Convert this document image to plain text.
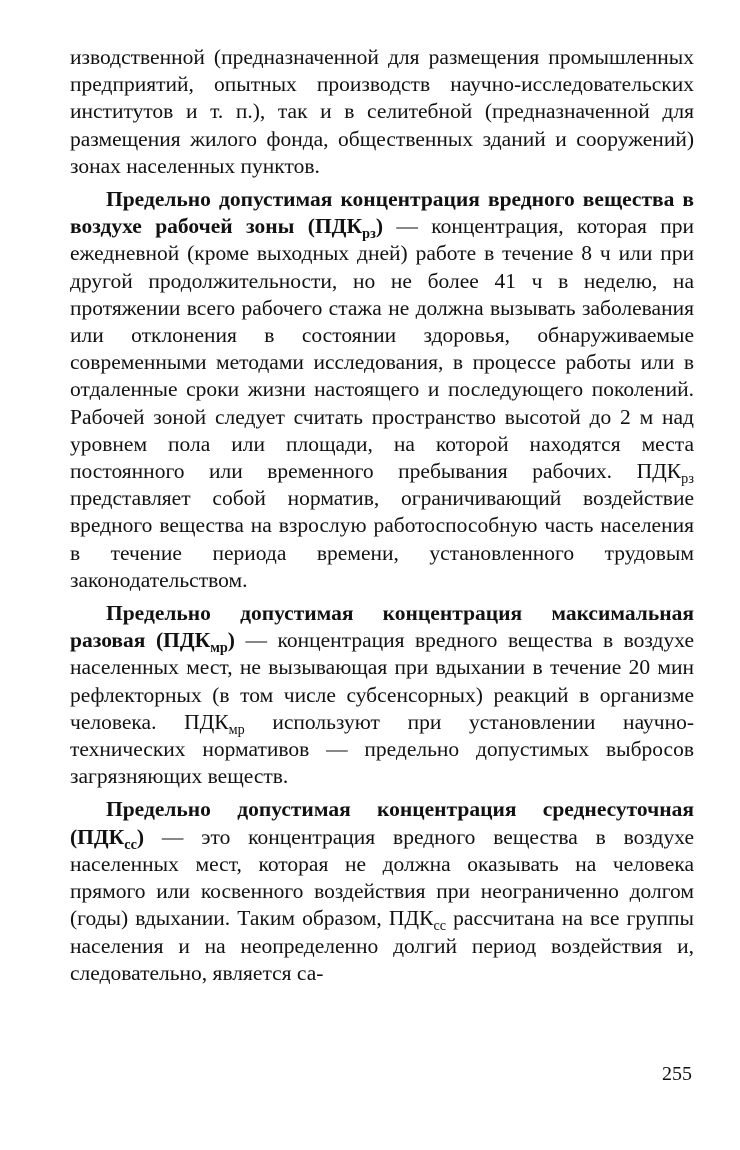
изводственной (предназначенной для размещения промышленных предприятий, опытных производств научно-исследовательских институтов и т. п.), так и в селитебной (предназначенной для размещения жилого фонда, общественных зданий и сооружений) зонах населенных пунктов.

Предельно допустимая концентрация вредного вещества в воздухе рабочей зоны $(ПДК_{рз})$ — концентрация, которая при ежедневной (кроме выходных дней) работе в течение 8 ч или при другой продолжительности, но не более 41 ч в неделю, на протяжении всего рабочего стажа не должна вызывать заболевания или отклонения в состоянии здоровья, обнаруживаемые современными методами исследования, в процессе работы или в отдаленные сроки жизни настоящего и последующего поколений. Рабочей зоной следует считать пространство высотой до 2 м над уровнем пола или площади, на которой находятся места постоянного или временного пребывания рабочих. $ПДК_{рз}$ представляет собой норматив, ограничивающий воздействие вредного вещества на взрослую работоспособную часть населения в течение периода времени, установленного трудовым законодательством.

Предельно допустимая концентрация максимальная разовая $(ПДК_{мр})$ — концентрация вредного вещества в воздухе населенных мест, не вызывающая при вдыхании в течение 20 мин рефлекторных (в том числе субсенсорных) реакций в организме человека. $ПДК_{мр}$ используют при установлении научно-технических нормативов — предельно допустимых выбросов загрязняющих веществ.

Предельно допустимая концентрация среднесуточная $(ПДК_{сс})$ — это концентрация вредного вещества в воздухе населенных мест, которая не должна оказывать на человека прямого или косвенного воздействия при неограниченно долгом (годы) вдыхании. Таким образом, $ПДК_{сс}$ рассчитана на все группы населения и на неопределенно долгий период воздействия и, следовательно, является са-

255
